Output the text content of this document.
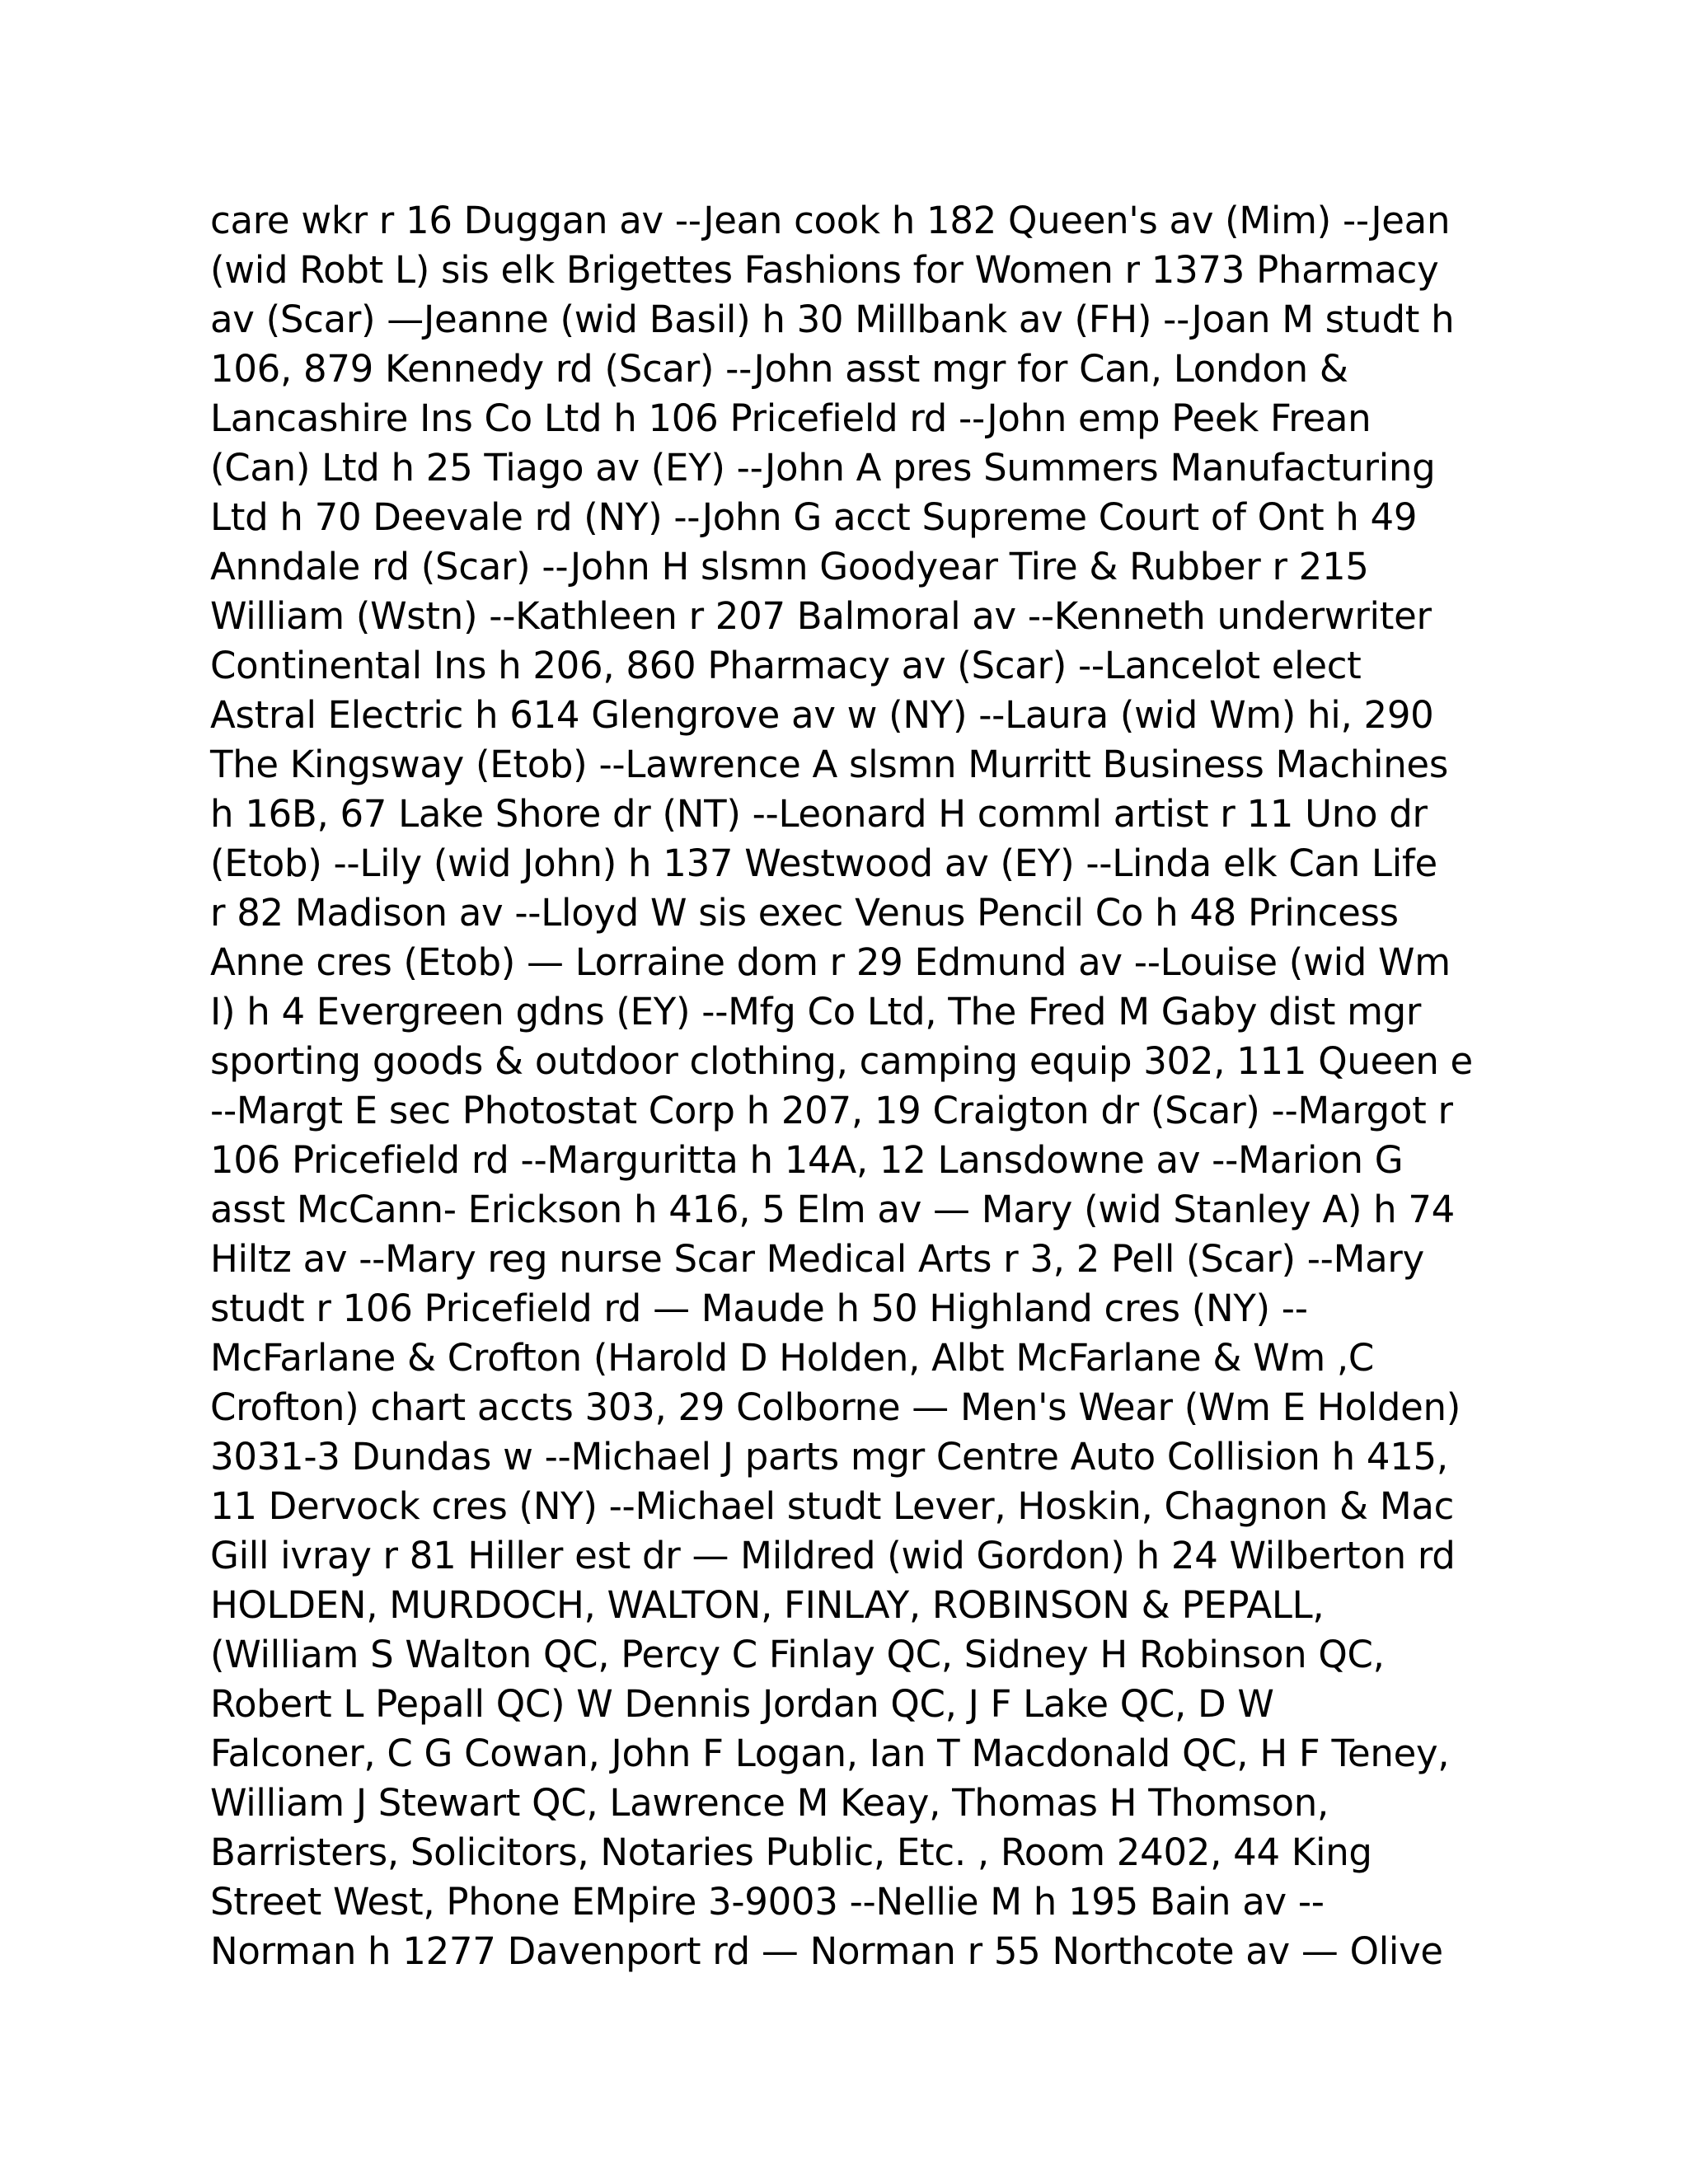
care wkr r 16 Duggan av --Jean cook h 182 Queen's av (Mim) --Jean
(wid Robt L) sis elk Brigettes Fashions for Women r 1373 Pharmacy
av (Scar) —Jeanne (wid Basil) h 30 Millbank av (FH) --Joan M studt h
106, 879 Kennedy rd (Scar) --John asst mgr for Can, London &
Lancashire Ins Co Ltd h 106 Pricefield rd --John emp Peek Frean
(Can) Ltd h 25 Tiago av (EY) --John A pres Summers Manufacturing
Ltd h 70 Deevale rd (NY) --John G acct Supreme Court of Ont h 49
Anndale rd (Scar) --John H slsmn Goodyear Tire & Rubber r 215
William (Wstn) --Kathleen r 207 Balmoral av --Kenneth underwriter
Continental Ins h 206, 860 Pharmacy av (Scar) --Lancelot elect
Astral Electric h 614 Glengrove av w (NY) --Laura (wid Wm) hi, 290
The Kingsway (Etob) --Lawrence A slsmn Murritt Business Machines
h 16B, 67 Lake Shore dr (NT) --Leonard H comml artist r 11 Uno dr
(Etob) --Lily (wid John) h 137 Westwood av (EY) --Linda elk Can Life
r 82 Madison av --Lloyd W sis exec Venus Pencil Co h 48 Princess
Anne cres (Etob) — Lorraine dom r 29 Edmund av --Louise (wid Wm
I) h 4 Evergreen gdns (EY) --Mfg Co Ltd, The Fred M Gaby dist mgr
sporting goods & outdoor clothing, camping equip 302, 111 Queen e
--Margt E sec Photostat Corp h 207, 19 Craigton dr (Scar) --Margot r
106 Pricefield rd --Marguritta h 14A, 12 Lansdowne av --Marion G
asst McCann- Erickson h 416, 5 Elm av — Mary (wid Stanley A) h 74
Hiltz av --Mary reg nurse Scar Medical Arts r 3, 2 Pell (Scar) --Mary
studt r 106 Pricefield rd — Maude h 50 Highland cres (NY) --
McFarlane & Crofton (Harold D Holden, Albt McFarlane & Wm ,C
Crofton) chart accts 303, 29 Colborne — Men's Wear (Wm E Holden)
3031-3 Dundas w --Michael J parts mgr Centre Auto Collision h 415,
11 Dervock cres (NY) --Michael studt Lever, Hoskin, Chagnon & Mac
Gill ivray r 81 Hiller est dr — Mildred (wid Gordon) h 24 Wilberton rd
HOLDEN, MURDOCH, WALTON, FINLAY, ROBINSON & PEPALL,
(William S Walton QC, Percy C Finlay QC, Sidney H Robinson QC,
Robert L Pepall QC) W Dennis Jordan QC, J F Lake QC, D W
Falconer, C G Cowan, John F Logan, Ian T Macdonald QC, H F Teney,
William J Stewart QC, Lawrence M Keay, Thomas H Thomson,
Barristers, Solicitors, Notaries Public, Etc. , Room 2402, 44 King
Street West, Phone EMpire 3-9003 --Nellie M h 195 Bain av --
Norman h 1277 Davenport rd — Norman r 55 Northcote av — Olive
